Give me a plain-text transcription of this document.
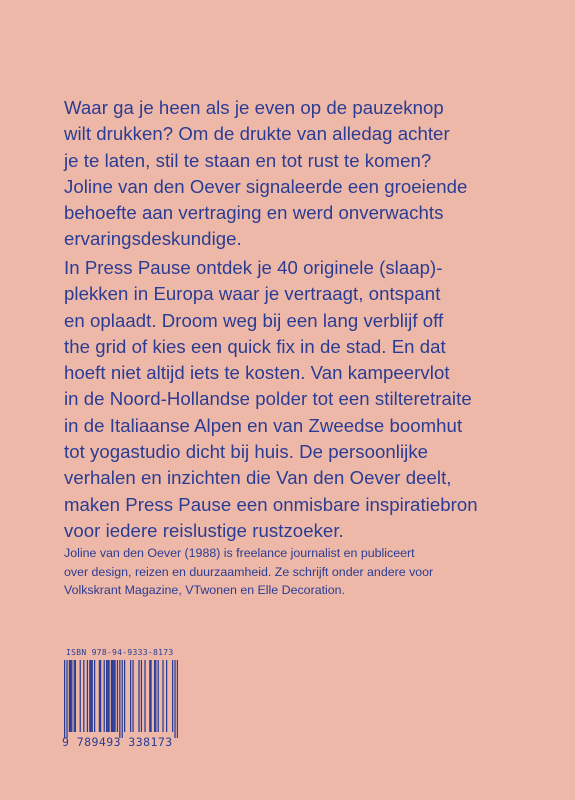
Waar ga je heen als je even op de pauzeknop
wilt drukken? Om de drukte van alledag achter
je te laten, stil te staan en tot rust te komen?
Joline van den Oever signaleerde een groeiende
behoefte aan vertraging en werd onverwachts
ervaringsdeskundige.
In Press Pause ontdek je 40 originele (slaap)-
plekken in Europa waar je vertraagt, ontspant
en oplaadt. Droom weg bij een lang verblijf off
the grid of kies een quick fix in de stad. En dat
hoeft niet altijd iets te kosten. Van kampeervlot
in de Noord-Hollandse polder tot een stilteretraite
in de Italiaanse Alpen en van Zweedse boomhut
tot yogastudio dicht bij huis. De persoonlijke
verhalen en inzichten die Van den Oever deelt,
maken Press Pause een onmisbare inspiratiebron
voor iedere reislustige rustzoeker.
Joline van den Oever (1988) is freelance journalist en publiceert
over design, reizen en duurzaamheid. Ze schrijft onder andere voor
Volkskrant Magazine, VTwonen en Elle Decoration.
ISBN 978-94-9333-8173
9 789493 338173
